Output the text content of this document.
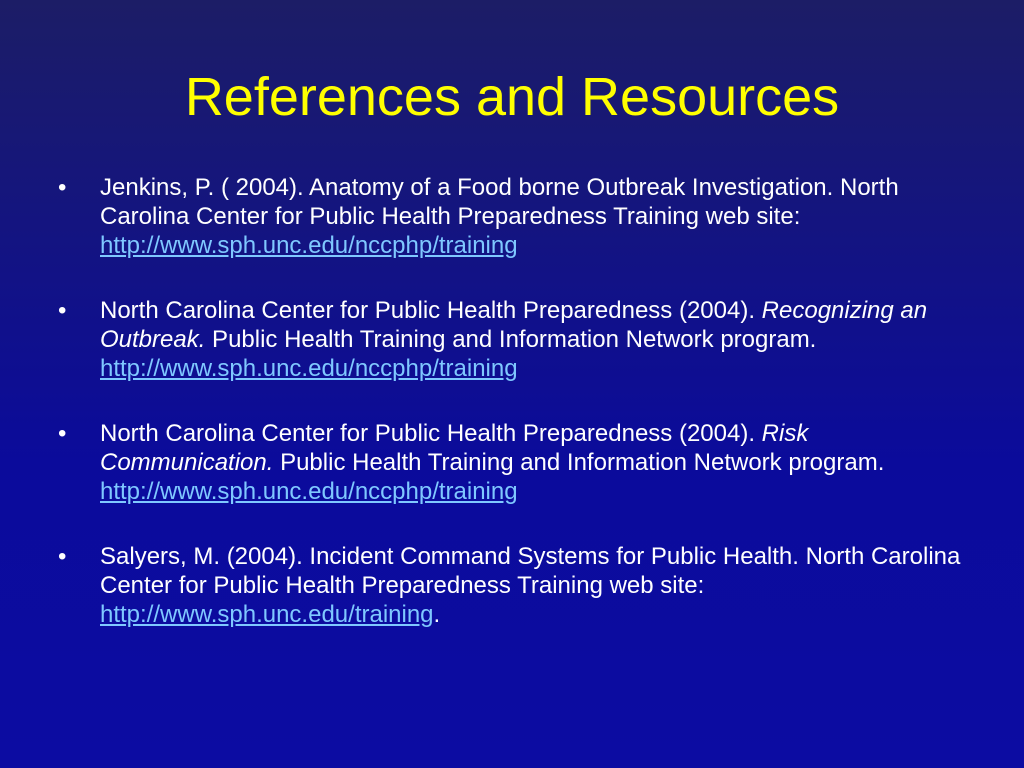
References and Resources
•	Jenkins, P. ( 2004). Anatomy of a Food borne Outbreak Investigation. North Carolina Center for Public Health Preparedness Training web site: http://www.sph.unc.edu/nccphp/training
•	North Carolina Center for Public Health Preparedness (2004). Recognizing an Outbreak. Public Health Training and Information Network program. http://www.sph.unc.edu/nccphp/training
•	North Carolina Center for Public Health Preparedness (2004). Risk Communication. Public Health Training and Information Network program. http://www.sph.unc.edu/nccphp/training
•	Salyers, M. (2004). Incident Command Systems for Public Health. North Carolina Center for Public Health Preparedness Training web site: http://www.sph.unc.edu/training.
